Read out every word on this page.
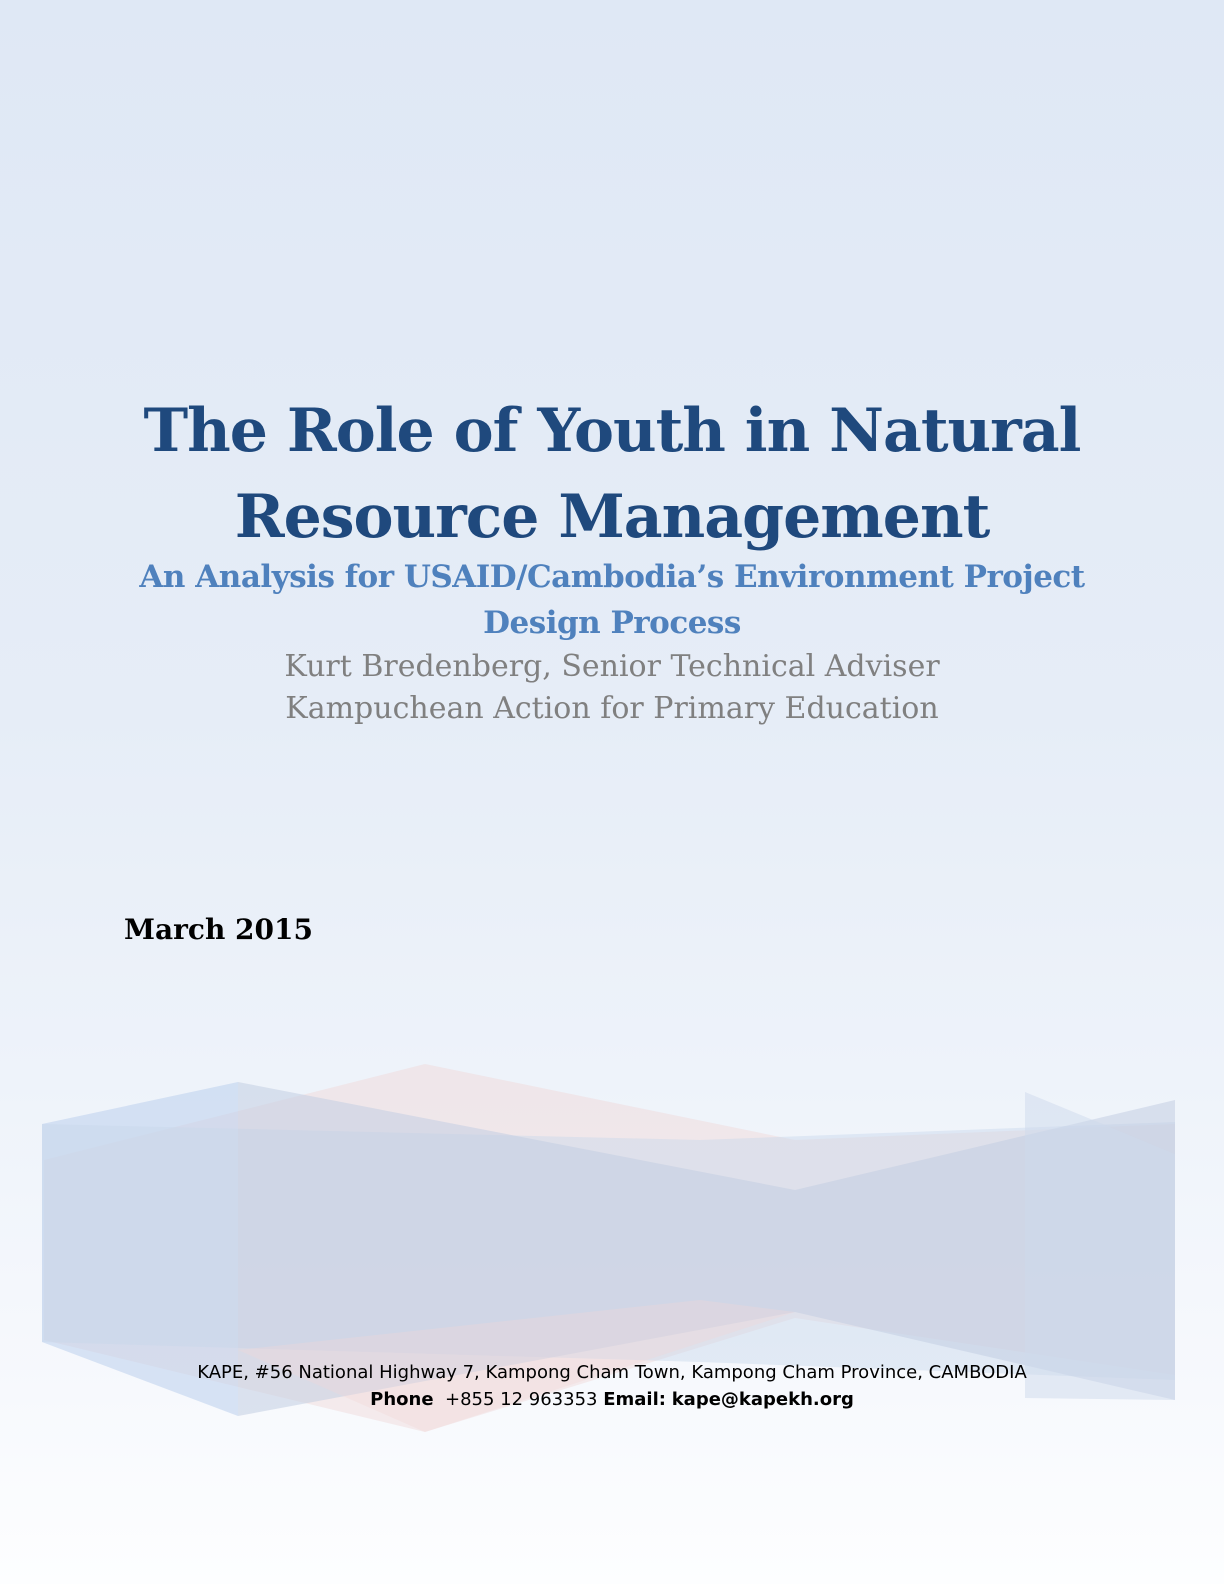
The Role of Youth in Natural
Resource Management
An Analysis for USAID/Cambodia’s Environment Project
Design Process

Kurt Bredenberg, Senior Technical Adviser

Kampuchean Action for Primary Education

March 2015

KAPE, #56 National Highway 7, Kampong Cham Town, Kampong Cham Province, CAMBODIA

Phone +855 12 963353 Email: kape@kapekh.org
